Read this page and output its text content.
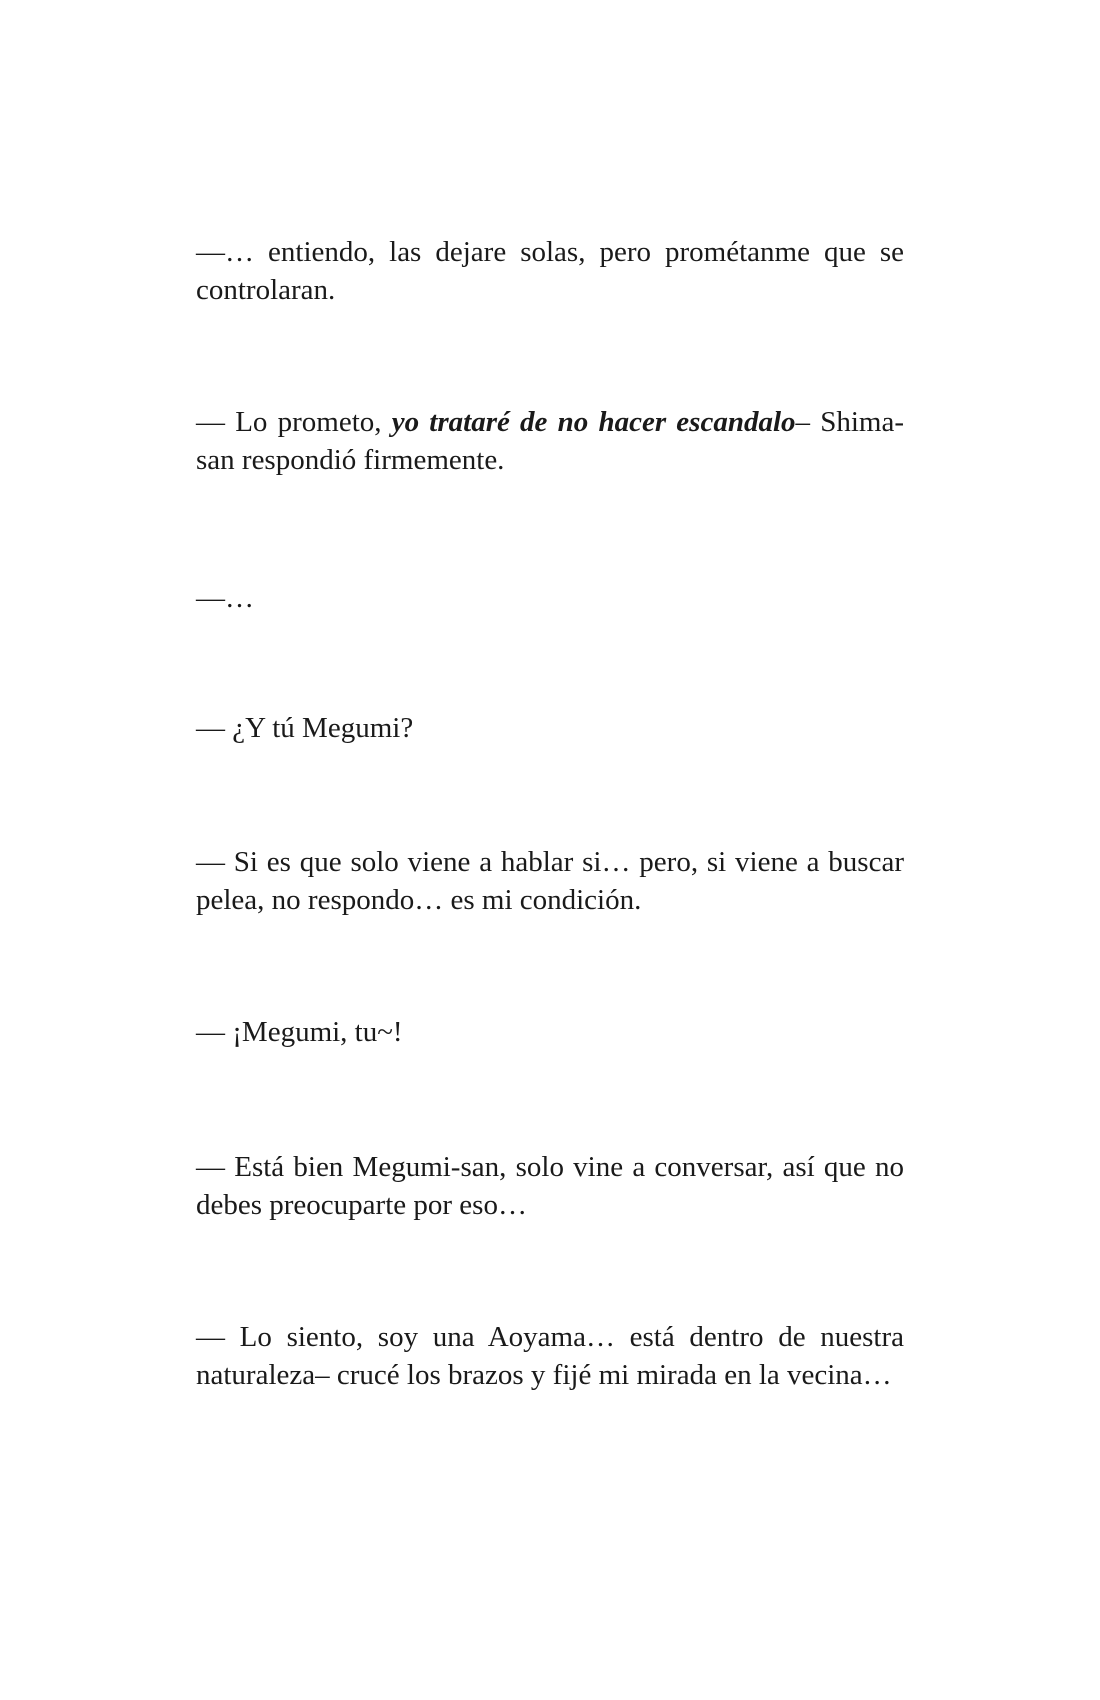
—… entiendo, las dejare solas, pero prométanme que se controlaran.

— Lo prometo, yo trataré de no hacer escandalo– Shima-san respondió firmemente.

—…

— ¿Y tú Megumi?

— Si es que solo viene a hablar si… pero, si viene a buscar pelea, no respondo… es mi condición.

— ¡Megumi, tu~!

— Está bien Megumi-san, solo vine a conversar, así que no debes preocuparte por eso…

— Lo siento, soy una Aoyama… está dentro de nuestra naturaleza– crucé los brazos y fijé mi mirada en la vecina…
